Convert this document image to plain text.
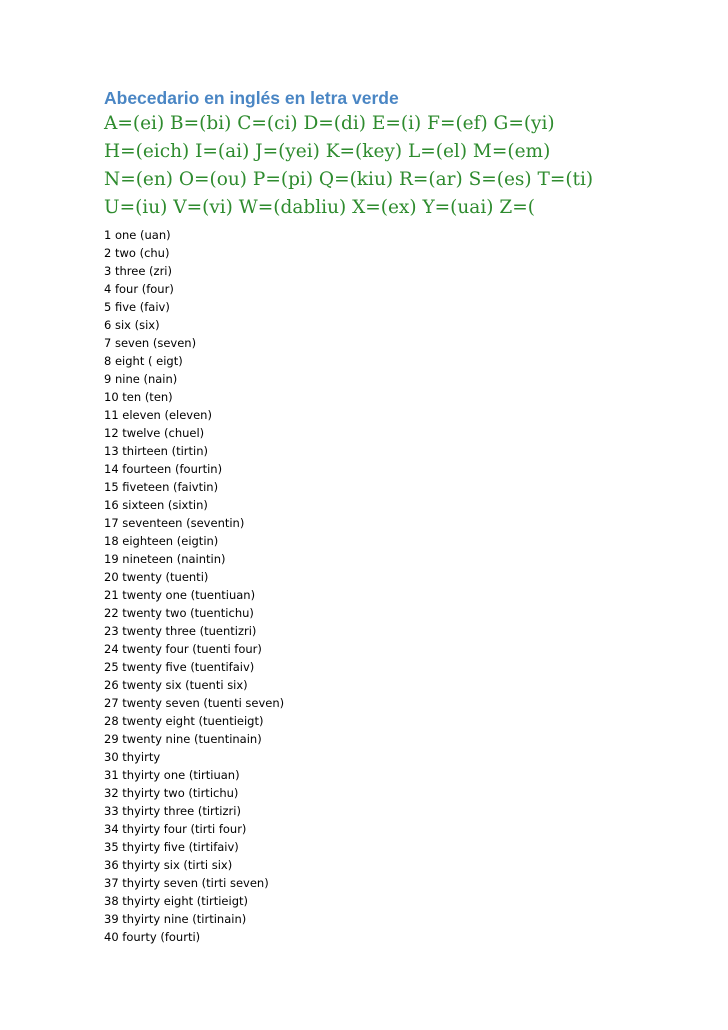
Abecedario en inglés en letra verde
A=(ei) B=(bi) C=(ci) D=(di) E=(i) F=(ef) G=(yi)
H=(eich) I=(ai) J=(yei) K=(key) L=(el) M=(em)
N=(en) O=(ou) P=(pi) Q=(kiu) R=(ar) S=(es) T=(ti)
U=(iu) V=(vi) W=(dabliu) X=(ex) Y=(uai) Z=(
1 one (uan)
2 two (chu)
3 three (zri)
4 four (four)
5 five (faiv)
6 six (six)
7 seven (seven)
8 eight ( eigt)
9 nine (nain)
10 ten (ten)
11 eleven (eleven)
12 twelve (chuel)
13 thirteen (tirtin)
14 fourteen (fourtin)
15 fiveteen (faivtin)
16 sixteen (sixtin)
17 seventeen (seventin)
18 eighteen (eigtin)
19 nineteen (naintin)
20 twenty (tuenti)
21 twenty one (tuentiuan)
22 twenty two (tuentichu)
23 twenty three (tuentizri)
24 twenty four (tuenti four)
25 twenty five (tuentifaiv)
26 twenty six (tuenti six)
27 twenty seven (tuenti seven)
28 twenty eight (tuentieigt)
29 twenty nine (tuentinain)
30 thyirty
31 thyirty one (tirtiuan)
32 thyirty two (tirtichu)
33 thyirty three (tirtizri)
34 thyirty four (tirti four)
35 thyirty five (tirtifaiv)
36 thyirty six (tirti six)
37 thyirty seven (tirti seven)
38 thyirty eight (tirtieigt)
39 thyirty nine (tirtinain)
40 fourty (fourti)
